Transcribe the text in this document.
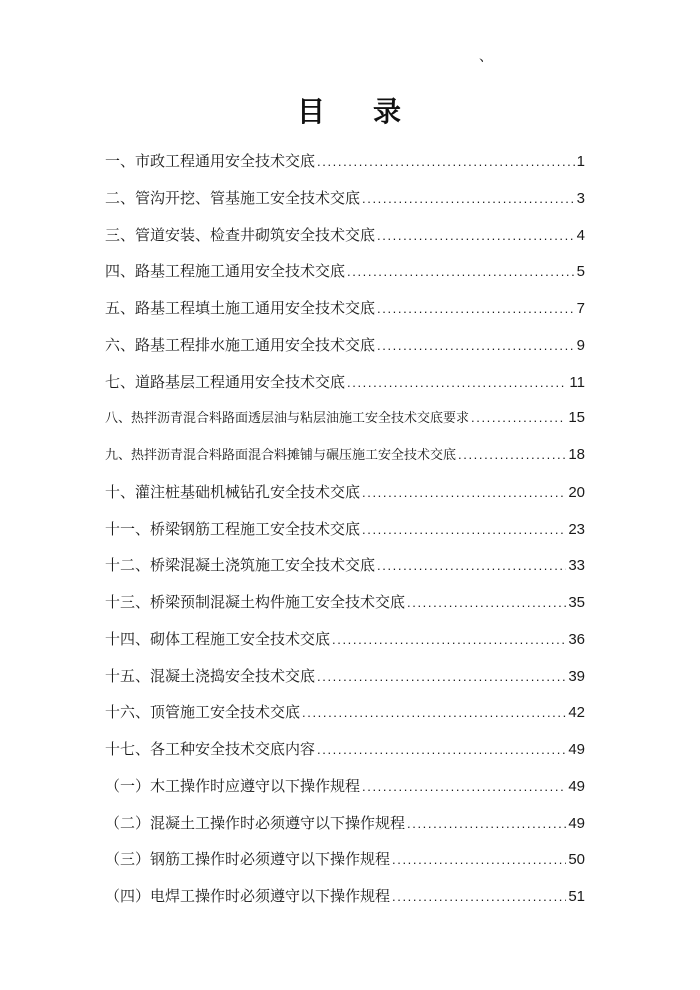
、
目 录
一、市政工程通用安全技术交底 .....	1
二、管沟开挖、管基施工安全技术交底 .....	3
三、管道安装、检查井砌筑安全技术交底 .....	4
四、路基工程施工通用安全技术交底 .....	5
五、路基工程填土施工通用安全技术交底 .....	7
六、路基工程排水施工通用安全技术交底 .....	9
七、道路基层工程通用安全技术交底 .....	11
八、热拌沥青混合料路面透层油与粘层油施工安全技术交底要求 .....	15
九、热拌沥青混合料路面混合料摊铺与碾压施工安全技术交底 .....	18
十、灌注桩基础机械钻孔安全技术交底 .....	20
十一、桥梁钢筋工程施工安全技术交底 .....	23
十二、桥梁混凝土浇筑施工安全技术交底 .....	33
十三、桥梁预制混凝土构件施工安全技术交底 .....	35
十四、砌体工程施工安全技术交底 .....	36
十五、混凝土浇捣安全技术交底 .....	39
十六、顶管施工安全技术交底 .....	42
十七、各工种安全技术交底内容 .....	49
（一）木工操作时应遵守以下操作规程 .....	49
（二）混凝土工操作时必须遵守以下操作规程 .....	49
（三）钢筋工操作时必须遵守以下操作规程 .....	50
（四）电焊工操作时必须遵守以下操作规程 .....	51
